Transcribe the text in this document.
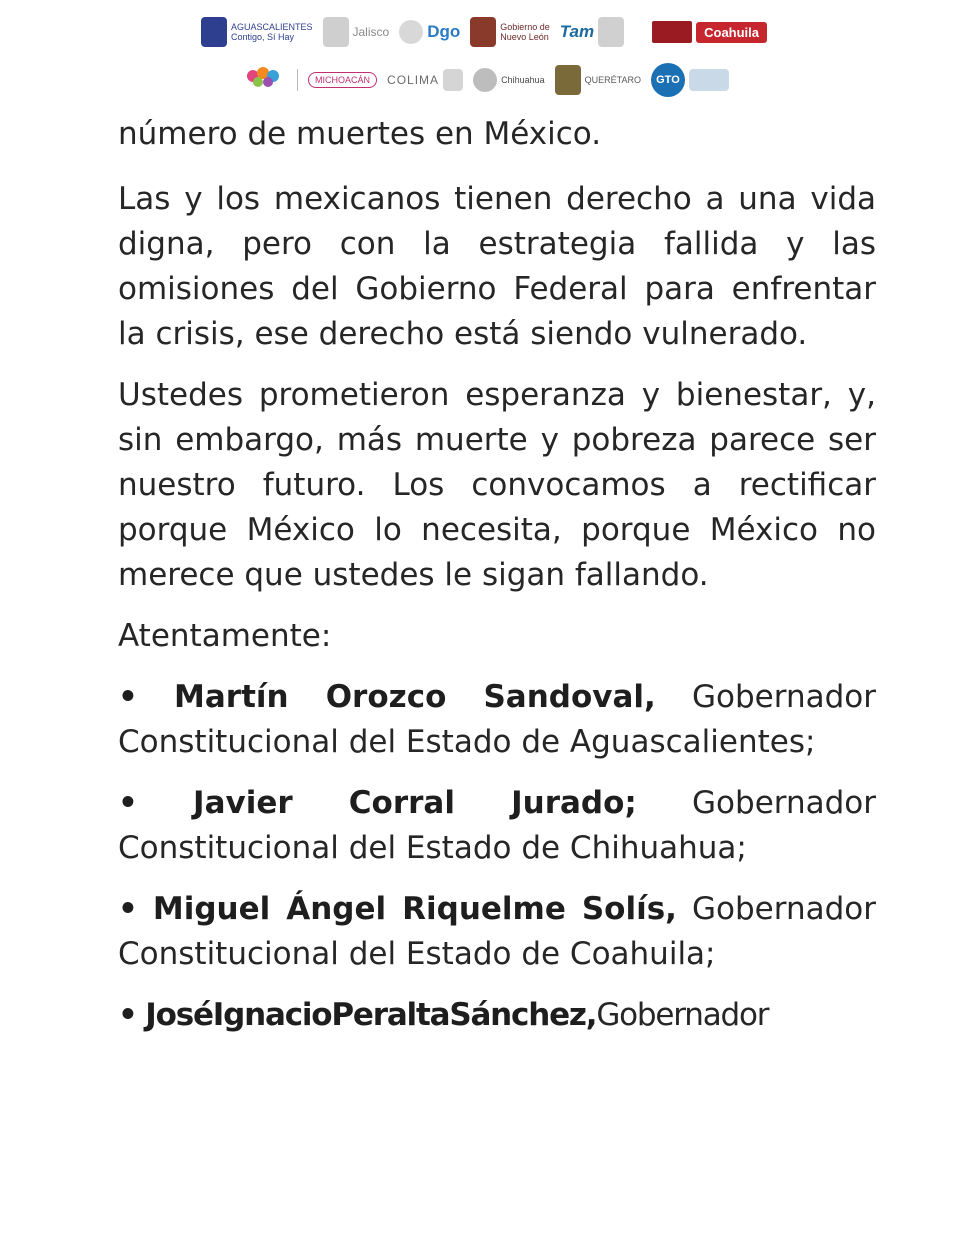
AGUASCALIENTES
Contigo, Sí Hay	Jalisco Dgo	Gobierno de
Nuevo León Tam	Coahuila
MICHOACÁN	COLIMA	Chihuahua	QUERÉTARO	GTO

número de muertes en México.

Las y los mexicanos tienen derecho a una vida digna, pero con la estrategia fallida y las omisiones del Gobierno Federal para enfrentar la crisis, ese derecho está siendo vulnerado.

Ustedes prometieron esperanza y bienestar, y, sin embargo, más muerte y pobreza parece ser nuestro futuro. Los convocamos a rectificar porque México lo necesita, porque México no merece que ustedes le sigan fallando.

Atentamente:

• Martín Orozco Sandoval, Gobernador Constitucional del Estado de Aguascalientes;
• Javier Corral Jurado; Gobernador Constitucional del Estado de Chihuahua;
• Miguel Ángel Riquelme Solís, Gobernador Constitucional del Estado de Coahuila;
• JoséIgnacioPeraltaSánchez,Gobernador
